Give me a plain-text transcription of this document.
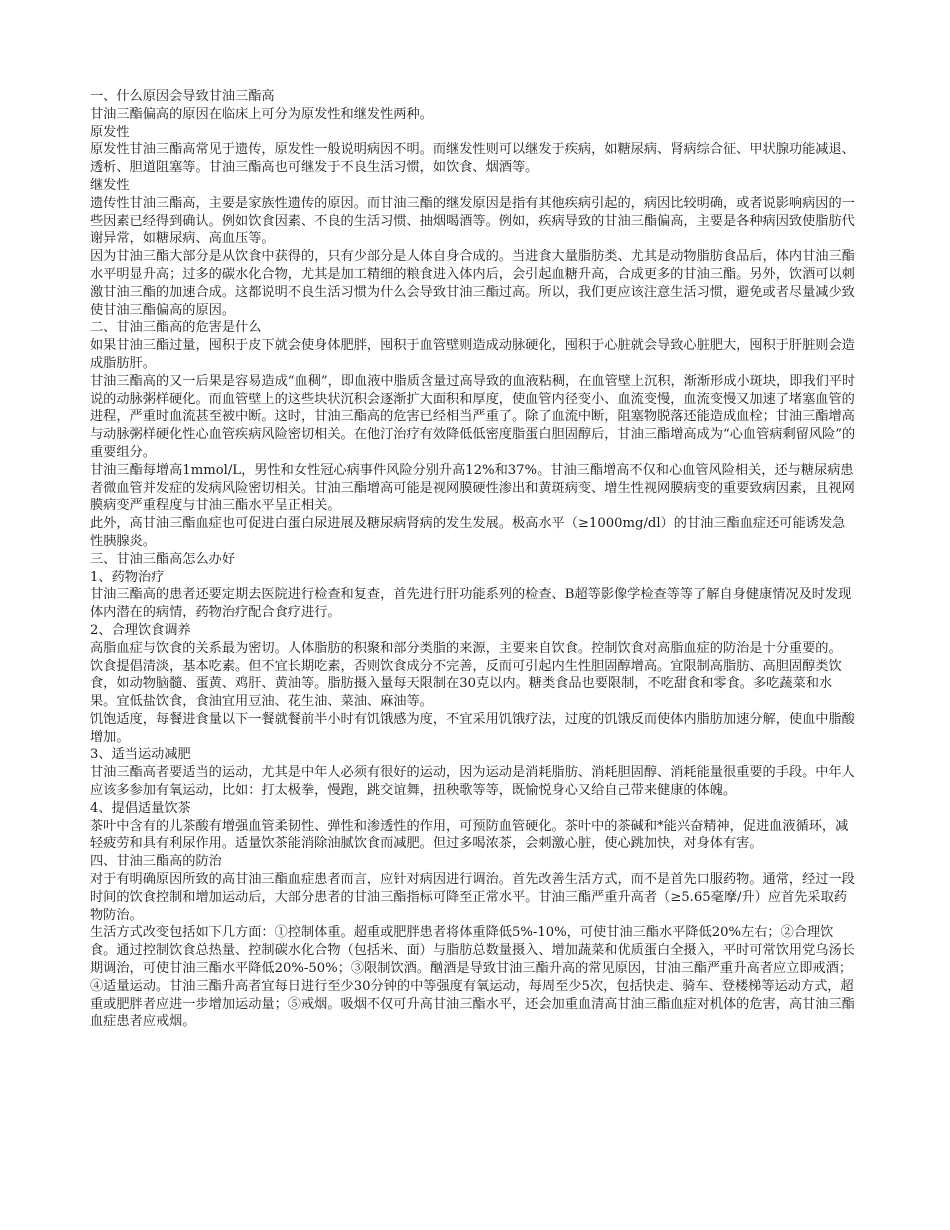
一、什么原因会导致甘油三酯高

甘油三酯偏高的原因在临床上可分为原发性和继发性两种。

原发性

原发性甘油三酯高常见于遗传，原发性一般说明病因不明。而继发性则可以继发于疾病，如糖尿病、肾病综合征、甲状腺功能减退、透析、胆道阻塞等。甘油三酯高也可继发于不良生活习惯，如饮食、烟酒等。

继发性

遗传性甘油三酯高，主要是家族性遗传的原因。而甘油三酯的继发原因是指有其他疾病引起的，病因比较明确，或者说影响病因的一些因素已经得到确认。例如饮食因素、不良的生活习惯、抽烟喝酒等。例如，疾病导致的甘油三酯偏高，主要是各种病因致使脂肪代谢异常，如糖尿病、高血压等。

因为甘油三酯大部分是从饮食中获得的，只有少部分是人体自身合成的。当进食大量脂肪类、尤其是动物脂肪食品后，体内甘油三酯水平明显升高；过多的碳水化合物，尤其是加工精细的粮食进入体内后，会引起血糖升高，合成更多的甘油三酯。另外，饮酒可以刺激甘油三酯的加速合成。这都说明不良生活习惯为什么会导致甘油三酯过高。所以，我们更应该注意生活习惯，避免或者尽量减少致使甘油三酯偏高的原因。

二、甘油三酯高的危害是什么

如果甘油三酯过量，囤积于皮下就会使身体肥胖，囤积于血管壁则造成动脉硬化，囤积于心脏就会导致心脏肥大，囤积于肝脏则会造成脂肪肝。

甘油三酯高的又一后果是容易造成“血稠”，即血液中脂质含量过高导致的血液粘稠，在血管壁上沉积，渐渐形成小斑块，即我们平时说的动脉粥样硬化。而血管壁上的这些块状沉积会逐渐扩大面积和厚度，使血管内径变小、血流变慢，血流变慢又加速了堵塞血管的进程，严重时血流甚至被中断。这时，甘油三酯高的危害已经相当严重了。除了血流中断，阻塞物脱落还能造成血栓；甘油三酯增高与动脉粥样硬化性心血管疾病风险密切相关。在他汀治疗有效降低低密度脂蛋白胆固醇后，甘油三酯增高成为“心血管病剩留风险”的重要组分。

甘油三酯每增高1mmol/L，男性和女性冠心病事件风险分别升高12%和37%。甘油三酯增高不仅和心血管风险相关，还与糖尿病患者微血管并发症的发病风险密切相关。甘油三酯增高可能是视网膜硬性渗出和黄斑病变、增生性视网膜病变的重要致病因素，且视网膜病变严重程度与甘油三酯水平呈正相关。

此外，高甘油三酯血症也可促进白蛋白尿进展及糖尿病肾病的发生发展。极高水平（≥1000mg/dl）的甘油三酯血症还可能诱发急性胰腺炎。

三、甘油三酯高怎么办好

1、药物治疗

甘油三酯高的患者还要定期去医院进行检查和复查，首先进行肝功能系列的检查、B超等影像学检查等等了解自身健康情况及时发现体内潜在的病情，药物治疗配合食疗进行。

2、合理饮食调养

高脂血症与饮食的关系最为密切。人体脂肪的积聚和部分类脂的来源，主要来自饮食。控制饮食对高脂血症的防治是十分重要的。

饮食提倡清淡，基本吃素。但不宜长期吃素，否则饮食成分不完善，反而可引起内生性胆固醇增高。宜限制高脂肪、高胆固醇类饮食，如动物脑髓、蛋黄、鸡肝、黄油等。脂肪摄入量每天限制在30克以内。糖类食品也要限制，不吃甜食和零食。多吃蔬菜和水果。宜低盐饮食，食油宜用豆油、花生油、菜油、麻油等。

饥饱适度，每餐进食量以下一餐就餐前半小时有饥饿感为度，不宜采用饥饿疗法，过度的饥饿反而使体内脂肪加速分解，使血中脂酸增加。

3、适当运动减肥

甘油三酯高者要适当的运动，尤其是中年人必须有很好的运动，因为运动是消耗脂肪、消耗胆固醇、消耗能量很重要的手段。中年人应该多参加有氧运动，比如：打太极拳，慢跑，跳交谊舞，扭秧歌等等，既愉悦身心又给自己带来健康的体魄。

4、提倡适量饮茶

茶叶中含有的儿茶酸有增强血管柔韧性、弹性和渗透性的作用，可预防血管硬化。茶叶中的茶碱和*能兴奋精神，促进血液循环，减轻疲劳和具有利尿作用。适量饮茶能消除油腻饮食而减肥。但过多喝浓茶，会刺激心脏，使心跳加快，对身体有害。

四、甘油三酯高的防治

对于有明确原因所致的高甘油三酯血症患者而言，应针对病因进行调治。首先改善生活方式，而不是首先口服药物。通常，经过一段时间的饮食控制和增加运动后，大部分患者的甘油三酯指标可降至正常水平。甘油三酯严重升高者（≥5.65毫摩/升）应首先采取药物防治。

生活方式改变包括如下几方面：①控制体重。超重或肥胖患者将体重降低5%-10%，可使甘油三酯水平降低20%左右；②合理饮食。通过控制饮食总热量、控制碳水化合物（包括米、面）与脂肪总数量摄入、增加蔬菜和优质蛋白全摄入，平时可常饮用党乌汤长期调治，可使甘油三酯水平降低20%-50%；③限制饮酒。酗酒是导致甘油三酯升高的常见原因，甘油三酯严重升高者应立即戒酒；④适量运动。甘油三酯升高者宜每日进行至少30分钟的中等强度有氧运动，每周至少5次，包括快走、骑车、登楼梯等运动方式，超重或肥胖者应进一步增加运动量；⑤戒烟。吸烟不仅可升高甘油三酯水平，还会加重血清高甘油三酯血症对机体的危害，高甘油三酯血症患者应戒烟。
